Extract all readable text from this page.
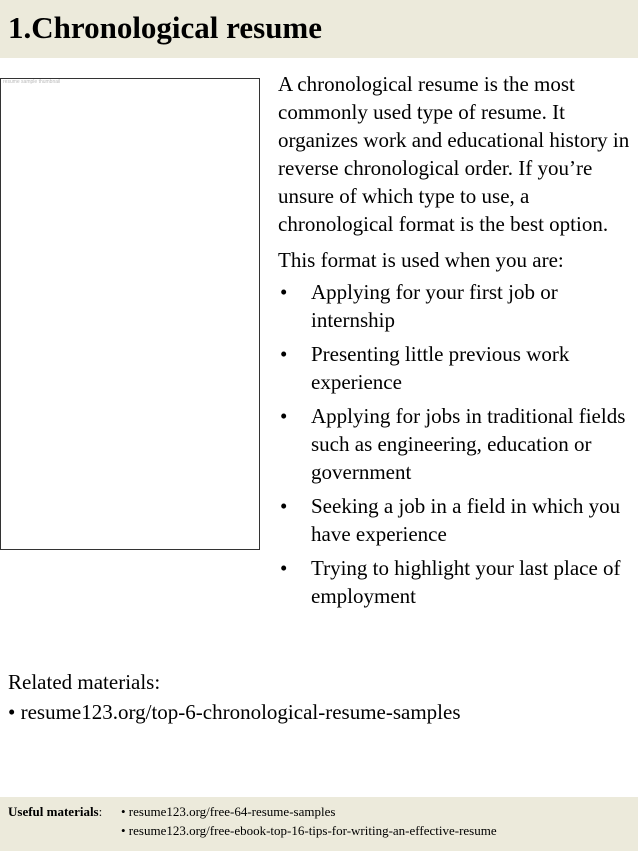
1.Chronological resume
resume sample thumbnail	A chronological resume is the most commonly used type of resume. It organizes work and educational history in reverse chronological order. If you’re unsure of which type to use, a chronological format is the best option.

This format is used when you are:

• Applying for your first job or internship
• Presenting little previous work experience
• Applying for jobs in traditional fields such as engineering, education or government
• Seeking a job in a field in which you have experience
• Trying to highlight your last place of employment
Related materials:
• resume123.org/top-6-chronological-resume-samples
Useful materials: • resume123.org/free-64-resume-samples
• resume123.org/free-ebook-top-16-tips-for-writing-an-effective-resume
